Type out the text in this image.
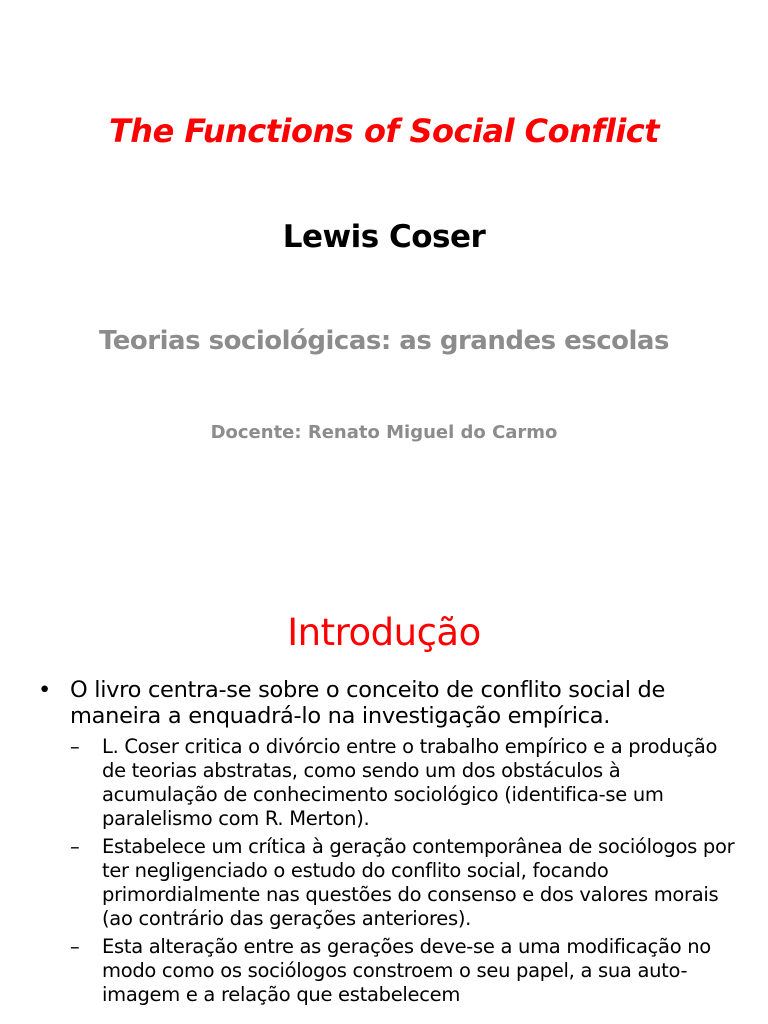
The Functions of Social Conflict
Lewis Coser
Teorias sociológicas: as grandes escolas
Docente: Renato Miguel do Carmo
Introdução
• O livro centra-se sobre o conceito de conflito social de maneira a enquadrá-lo na investigação empírica.
– L. Coser critica o divórcio entre o trabalho empírico e a produção de teorias abstratas, como sendo um dos obstáculos à acumulação de conhecimento sociológico (identifica-se um paralelismo com R. Merton).
– Estabelece um crítica à geração contemporânea de sociólogos por ter negligenciado o estudo do conflito social, focando primordialmente nas questões do consenso e dos valores morais (ao contrário das gerações anteriores).
– Esta alteração entre as gerações deve-se a uma modificação no modo como os sociólogos constroem o seu papel, a sua auto-imagem e a relação que estabelecem
